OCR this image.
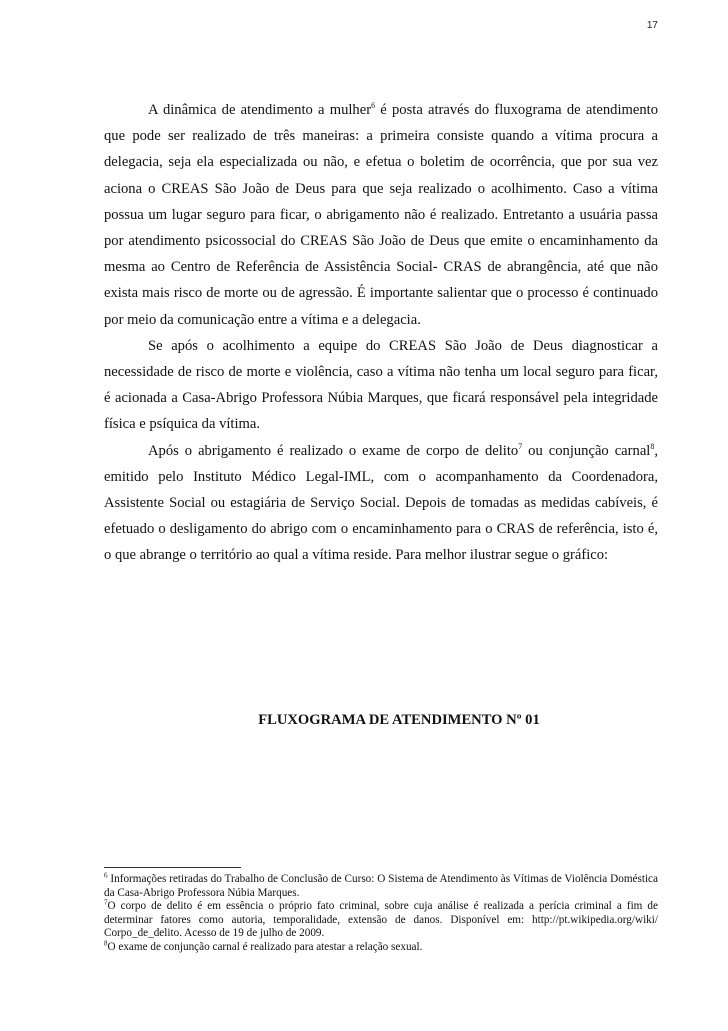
17

A dinâmica de atendimento a mulher$^6$ é posta através do fluxograma de atendimento que pode ser realizado de três maneiras: a primeira consiste quando a vítima procura a delegacia, seja ela especializada ou não, e efetua o boletim de ocorrência, que por sua vez aciona o CREAS São João de Deus para que seja realizado o acolhimento. Caso a vítima possua um lugar seguro para ficar, o abrigamento não é realizado. Entretanto a usuária passa por atendimento psicossocial do CREAS São João de Deus que emite o encaminhamento da mesma ao Centro de Referência de Assistência Social- CRAS de abrangência, até que não exista mais risco de morte ou de agressão. É importante salientar que o processo é continuado por meio da comunicação entre a vítima e a delegacia.

Se após o acolhimento a equipe do CREAS São João de Deus diagnosticar a necessidade de risco de morte e violência, caso a vítima não tenha um local seguro para ficar, é acionada a Casa-Abrigo Professora Núbia Marques, que ficará responsável pela integridade física e psíquica da vítima.

Após o abrigamento é realizado o exame de corpo de delito$^7$ ou conjunção carnal$^8$, emitido pelo Instituto Médico Legal-IML, com o acompanhamento da Coordenadora, Assistente Social ou estagiária de Serviço Social. Depois de tomadas as medidas cabíveis, é efetuado o desligamento do abrigo com o encaminhamento para o CRAS de referência, isto é, o que abrange o território ao qual a vítima reside. Para melhor ilustrar segue o gráfico:

FLUXOGRAMA DE ATENDIMENTO Nº 01

$^6$ Informações retiradas do Trabalho de Conclusão de Curso: O Sistema de Atendimento às Vítimas de Violência Doméstica da Casa-Abrigo Professora Núbia Marques.

$^7$O corpo de delito é em essência o próprio fato criminal, sobre cuja análise é realizada a perícia criminal a fim de determinar fatores como autoria, temporalidade, extensão de danos. Disponível em: http://pt.wikipedia.org/wiki/ Corpo_de_delito. Acesso de 19 de julho de 2009.

$^8$O exame de conjunção carnal é realizado para atestar a relação sexual.
